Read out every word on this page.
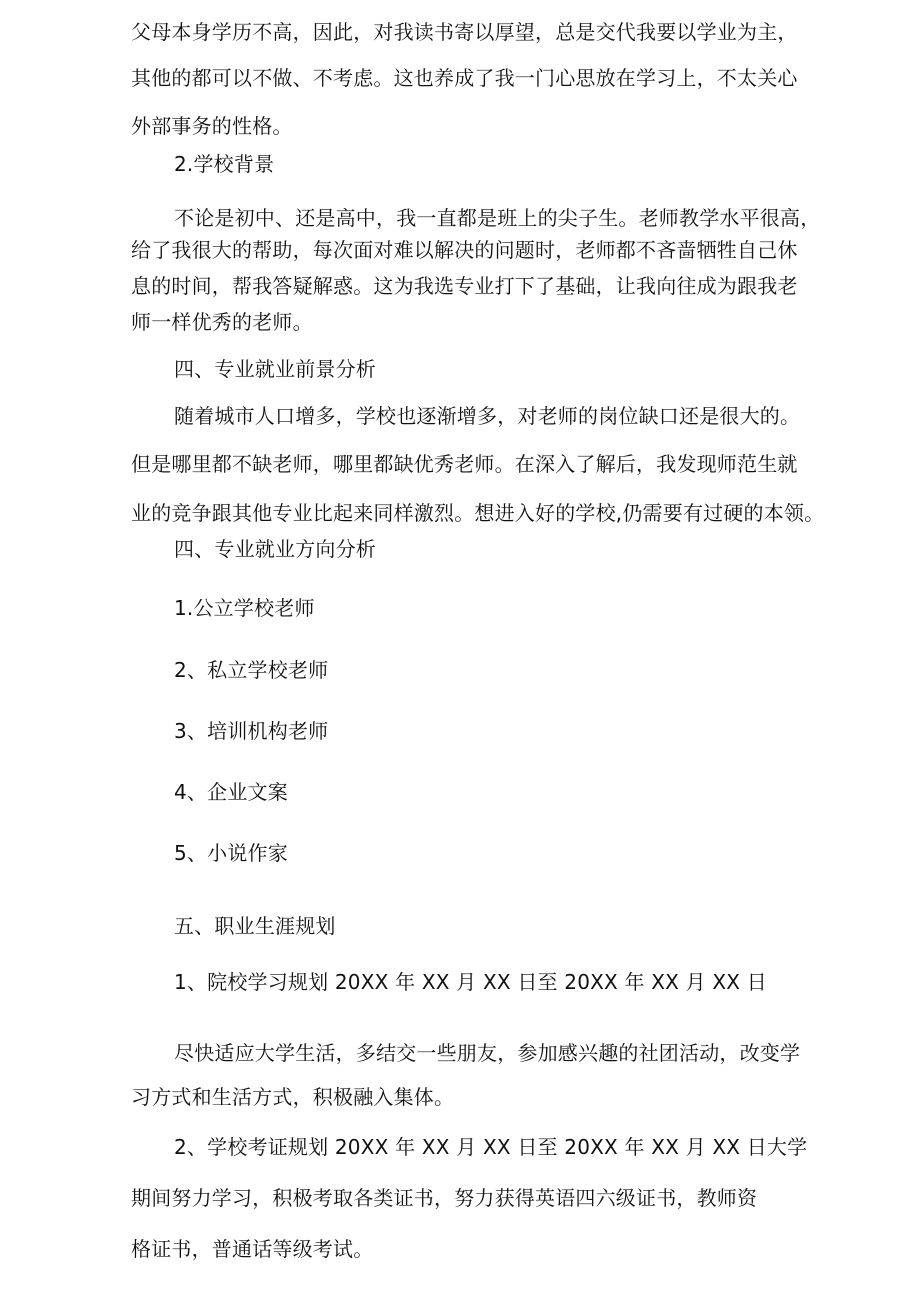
父母本身学历不高，因此，对我读书寄以厚望，总是交代我要以学业为主，
其他的都可以不做、不考虑。这也养成了我一门心思放在学习上，不太关心
外部事务的性格。
2.学校背景
不论是初中、还是高中，我一直都是班上的尖子生。老师教学水平很高，
给了我很大的帮助，每次面对难以解决的问题时，老师都不吝啬牺牲自己休
息的时间，帮我答疑解惑。这为我选专业打下了基础，让我向往成为跟我老
师一样优秀的老师。
四、专业就业前景分析
随着城市人口增多，学校也逐渐增多，对老师的岗位缺口还是很大的。
但是哪里都不缺老师，哪里都缺优秀老师。在深入了解后，我发现师范生就
业的竞争跟其他专业比起来同样激烈。想进入好的学校,仍需要有过硬的本领。
四、专业就业方向分析
1.公立学校老师
2、私立学校老师
3、培训机构老师
4、企业文案
5、小说作家
五、职业生涯规划
1、院校学习规划 20XX 年 XX 月 XX 日至 20XX 年 XX 月 XX 日
尽快适应大学生活，多结交一些朋友，参加感兴趣的社团活动，改变学
习方式和生活方式，积极融入集体。
2、学校考证规划 20XX 年 XX 月 XX 日至 20XX 年 XX 月 XX 日大学
期间努力学习，积极考取各类证书，努力获得英语四六级证书，教师资
格证书，普通话等级考试。
